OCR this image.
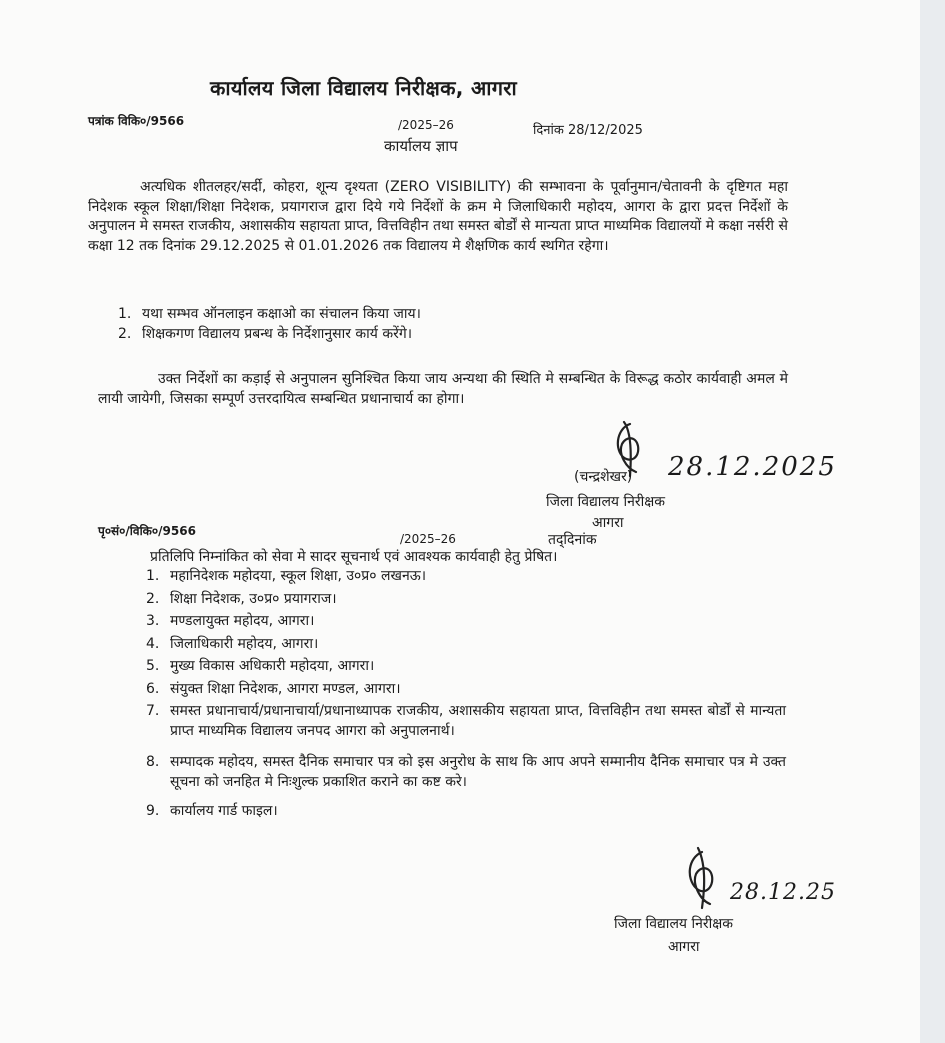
कार्यालय जिला विद्यालय निरीक्षक, आगरा
पत्रांक विकि०/9566	/2025–26	दिनांक 28/12/2025
कार्यालय ज्ञाप
अत्यधिक शीतलहर/सर्दी, कोहरा, शून्य दृश्यता (ZERO VISIBILITY) की सम्भावना के पूर्वानुमान/चेतावनी के दृष्टिगत महा निदेशक स्कूल शिक्षा/शिक्षा निदेशक, प्रयागराज द्वारा दिये गये निर्देशों के क्रम मे जिलाधिकारी महोदय, आगरा के द्वारा प्रदत्त निर्देशों के अनुपालन मे समस्त राजकीय, अशासकीय सहायता प्राप्त, वित्तविहीन तथा समस्त बोर्डों से मान्यता प्राप्त माध्यमिक विद्यालयों मे कक्षा नर्सरी से कक्षा 12 तक दिनांक 29.12.2025 से 01.01.2026 तक विद्यालय मे शैक्षणिक कार्य स्थगित रहेगा।
1. यथा सम्भव ऑनलाइन कक्षाओ का संचालन किया जाय।
2. शिक्षकगण विद्यालय प्रबन्ध के निर्देशानुसार कार्य करेंगे।
उक्त निर्देशों का कड़ाई से अनुपालन सुनिश्चित किया जाय अन्यथा की स्थिति मे सम्बन्धित के विरूद्ध कठोर कार्यवाही अमल मे लायी जायेगी, जिसका सम्पूर्ण उत्तरदायित्व सम्बन्धित प्रधानाचार्य का होगा।
(चन्द्रशेखर) 28.12.2025
जिला विद्यालय निरीक्षक
आगरा
पृ०सं०/विकि०/9566
/2025–26	तद्‌दिनांक
प्रतिलिपि निम्नांकित को सेवा मे सादर सूचनार्थ एवं आवश्यक कार्यवाही हेतु प्रेषित।
1. महानिदेशक महोदया, स्कूल शिक्षा, उ०प्र० लखनऊ।
2. शिक्षा निदेशक, उ०प्र० प्रयागराज।
3. मण्डलायुक्त महोदय, आगरा।
4. जिलाधिकारी महोदय, आगरा।
5. मुख्य विकास अधिकारी महोदया, आगरा।
6. संयुक्त शिक्षा निदेशक, आगरा मण्डल, आगरा।
7. समस्त प्रधानाचार्य/प्रधानाचार्या/प्रधानाध्यापक राजकीय, अशासकीय सहायता प्राप्त, वित्तविहीन तथा समस्त बोर्डों से मान्यता प्राप्त माध्यमिक विद्यालय जनपद आगरा को अनुपालनार्थ।
8. सम्पादक महोदय, समस्त दैनिक समाचार पत्र को इस अनुरोध के साथ कि आप अपने सम्मानीय दैनिक समाचार पत्र मे उक्त सूचना को जनहित मे निःशुल्क प्रकाशित कराने का कष्ट करे।
9. कार्यालय गार्ड फाइल।
28.12.25
जिला विद्यालय निरीक्षक
आगरा
